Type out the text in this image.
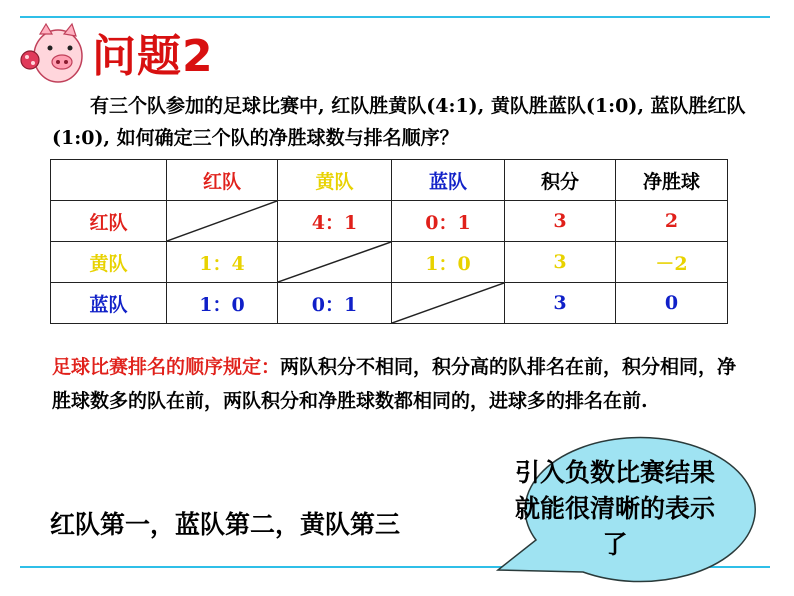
问题2
有三个队参加的足球比赛中, 红队胜黄队(4:1), 黄队胜蓝队(1:0), 蓝队胜红队(1:0), 如何确定三个队的净胜球数与排名顺序？
	红队	黄队	蓝队	积分	净胜球
红队		4：1	0：1	3	2
黄队	1：4		1：0	3	－2
蓝队	1：0	0：1		3	0
足球比赛排名的顺序规定：两队积分不相同，积分高的队排名在前，积分相同，净胜球数多的队在前，两队积分和净胜球数都相同的，进球多的排名在前.
红队第一，蓝队第二，黄队第三
引入负数比赛结果就能很清晰的表示了
